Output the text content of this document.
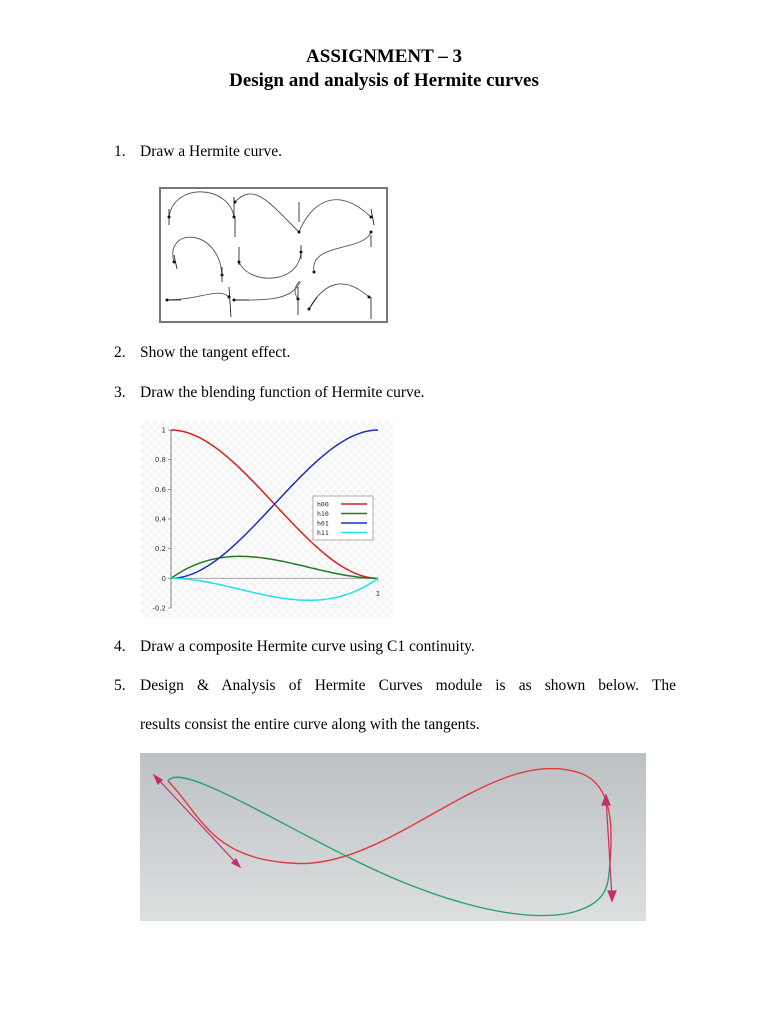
ASSIGNMENT – 3
Design and analysis of Hermite curves
1. Draw a Hermite curve.
2. Show the tangent effect.
3. Draw the blending function of Hermite curve.
1
0.8
0.6
0.4
0.2
0
-0.2
1
h00
h10
h01
h11
4. Draw a composite Hermite curve using C1 continuity.
5. Design & Analysis of Hermite Curves module is as shown below. The
results consist the entire curve along with the tangents.
